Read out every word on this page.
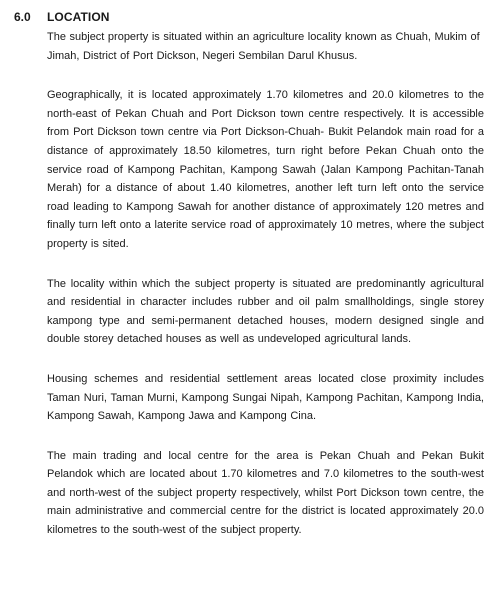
6.0 LOCATION

The subject property is situated within an agriculture locality known as Chuah, Mukim of Jimah, District of Port Dickson, Negeri Sembilan Darul Khusus.

Geographically, it is located approximately 1.70 kilometres and 20.0 kilometres to the north-east of Pekan Chuah and Port Dickson town centre respectively. It is accessible from Port Dickson town centre via Port Dickson-Chuah- Bukit Pelandok main road for a distance of approximately 18.50 kilometres, turn right before Pekan Chuah onto the service road of Kampong Pachitan, Kampong Sawah (Jalan Kampong Pachitan-Tanah Merah) for a distance of about 1.40 kilometres, another left turn left onto the service road leading to Kampong Sawah for another distance of approximately 120 metres and finally turn left onto a laterite service road of approximately 10 metres, where the subject property is sited.

The locality within which the subject property is situated are predominantly agricultural and residential in character includes rubber and oil palm smallholdings, single storey kampong type and semi-permanent detached houses, modern designed single and double storey detached houses as well as undeveloped agricultural lands.

Housing schemes and residential settlement areas located close proximity includes Taman Nuri, Taman Murni, Kampong Sungai Nipah, Kampong Pachitan, Kampong India, Kampong Sawah, Kampong Jawa and Kampong Cina.

The main trading and local centre for the area is Pekan Chuah and Pekan Bukit Pelandok which are located about 1.70 kilometres and 7.0 kilometres to the south-west and north-west of the subject property respectively, whilst Port Dickson town centre, the main administrative and commercial centre for the district is located approximately 20.0 kilometres to the south-west of the subject property.
